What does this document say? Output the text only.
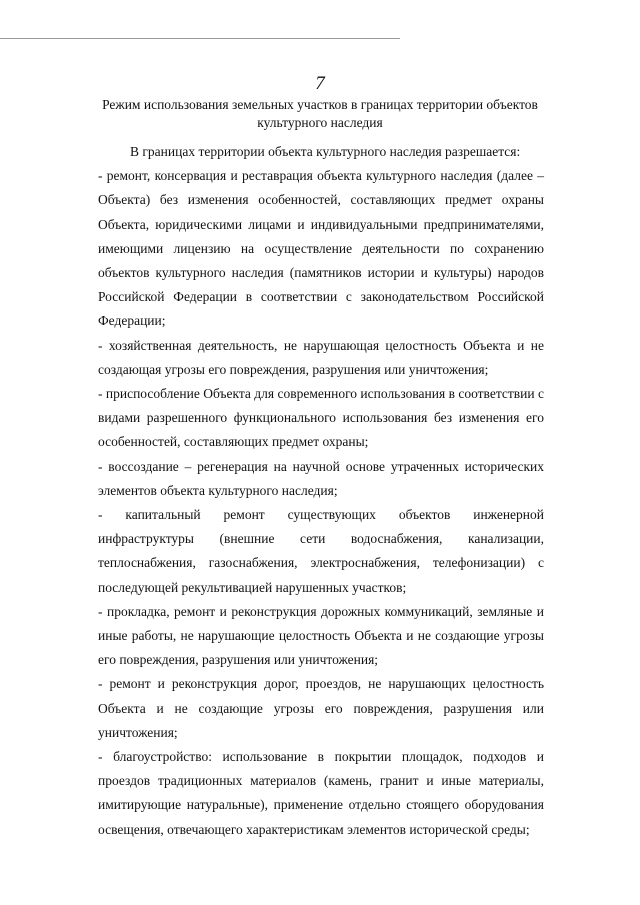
7
Режим использования земельных участков в границах территории объектов культурного наследия

В границах территории объекта культурного наследия разрешается:

- ремонт, консервация и реставрация объекта культурного наследия (далее – Объекта) без изменения особенностей, составляющих предмет охраны Объекта, юридическими лицами и индивидуальными предпринимателями, имеющими лицензию на осуществление деятельности по сохранению объектов культурного наследия (памятников истории и культуры) народов Российской Федерации в соответствии с законодательством Российской Федерации;

- хозяйственная деятельность, не нарушающая целостность Объекта и не создающая угрозы его повреждения, разрушения или уничтожения;

- приспособление Объекта для современного использования в соответствии с видами разрешенного функционального использования без изменения его особенностей, составляющих предмет охраны;

- воссоздание – регенерация на научной основе утраченных исторических элементов объекта культурного наследия;

- капитальный ремонт существующих объектов инженерной инфраструктуры (внешние сети водоснабжения, канализации, теплоснабжения, газоснабжения, электроснабжения, телефонизации) с последующей рекультивацией нарушенных участков;

- прокладка, ремонт и реконструкция дорожных коммуникаций, земляные и иные работы, не нарушающие целостность Объекта и не создающие угрозы его повреждения, разрушения или уничтожения;

- ремонт и реконструкция дорог, проездов, не нарушающих целостность Объекта и не создающие угрозы его повреждения, разрушения или уничтожения;

- благоустройство: использование в покрытии площадок, подходов и проездов традиционных материалов (камень, гранит и иные материалы, имитирующие натуральные), применение отдельно стоящего оборудования освещения, отвечающего характеристикам элементов исторической среды;
